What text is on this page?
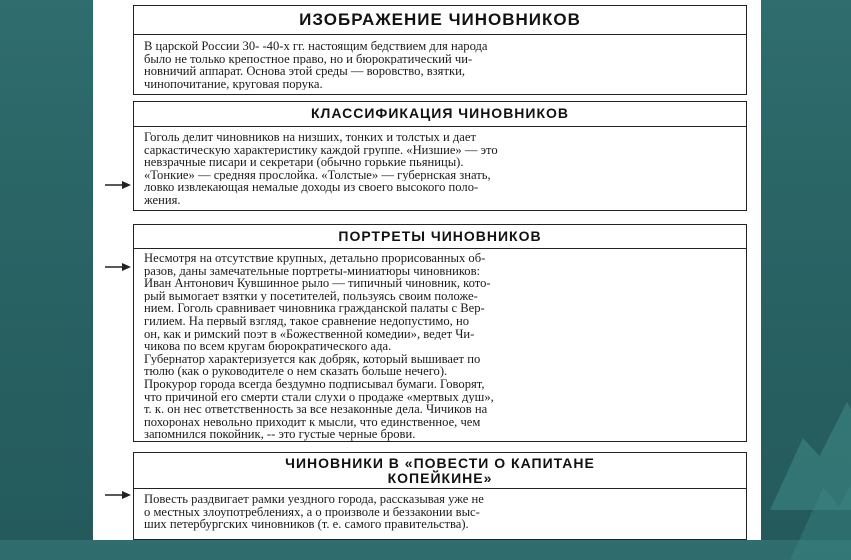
ИЗОБРАЖЕНИЕ ЧИНОВНИКОВ
В царской России 30- -40-х гг. настоящим бедствием для народа
было не только крепостное право, но и бюрократический чи-
новничий аппарат. Основа этой среды — воровство, взятки,
чинопочитание, круговая порука.
КЛАССИФИКАЦИЯ ЧИНОВНИКОВ
Гоголь делит чиновников на низших, тонких и толстых и дает
саркастическую характеристику каждой группе. «Низшие» — это
невзрачные писари и секретари (обычно горькие пьяницы).
«Тонкие» — средняя прослойка. «Толстые» — губернская знать,
ловко извлекающая немалые доходы из своего высокого поло-
жения.
ПОРТРЕТЫ ЧИНОВНИКОВ
Несмотря на отсутствие крупных, детально прорисованных об-
разов, даны замечательные портреты-миниатюры чиновников:
Иван Антонович Кувшинное рыло — типичный чиновник, кото-
рый вымогает взятки у посетителей, пользуясь своим положе-
нием. Гоголь сравнивает чиновника гражданской палаты с Вер-
гилием. На первый взгляд, такое сравнение недопустимо, но
он, как и римский поэт в «Божественной комедии», ведет Чи-
чикова по всем кругам бюрократического ада.
Губернатор характеризуется как добряк, который вышивает по
тюлю (как о руководителе о нем сказать больше нечего).
Прокурор города всегда бездумно подписывал бумаги. Говорят,
что причиной его смерти стали слухи о продаже «мертвых душ»,
т. к. он нес ответственность за все незаконные дела. Чичиков на
похоронах невольно приходит к мысли, что единственное, чем
запомнился покойник, -- это густые черные брови.
ЧИНОВНИКИ В «ПОВЕСТИ О КАПИТАНЕ
КОПЕЙКИНЕ»
Повесть раздвигает рамки уездного города, рассказывая уже не
о местных злоупотреблениях, а о произволе и беззаконии выс-
ших петербургских чиновников (т. е. самого правительства).
